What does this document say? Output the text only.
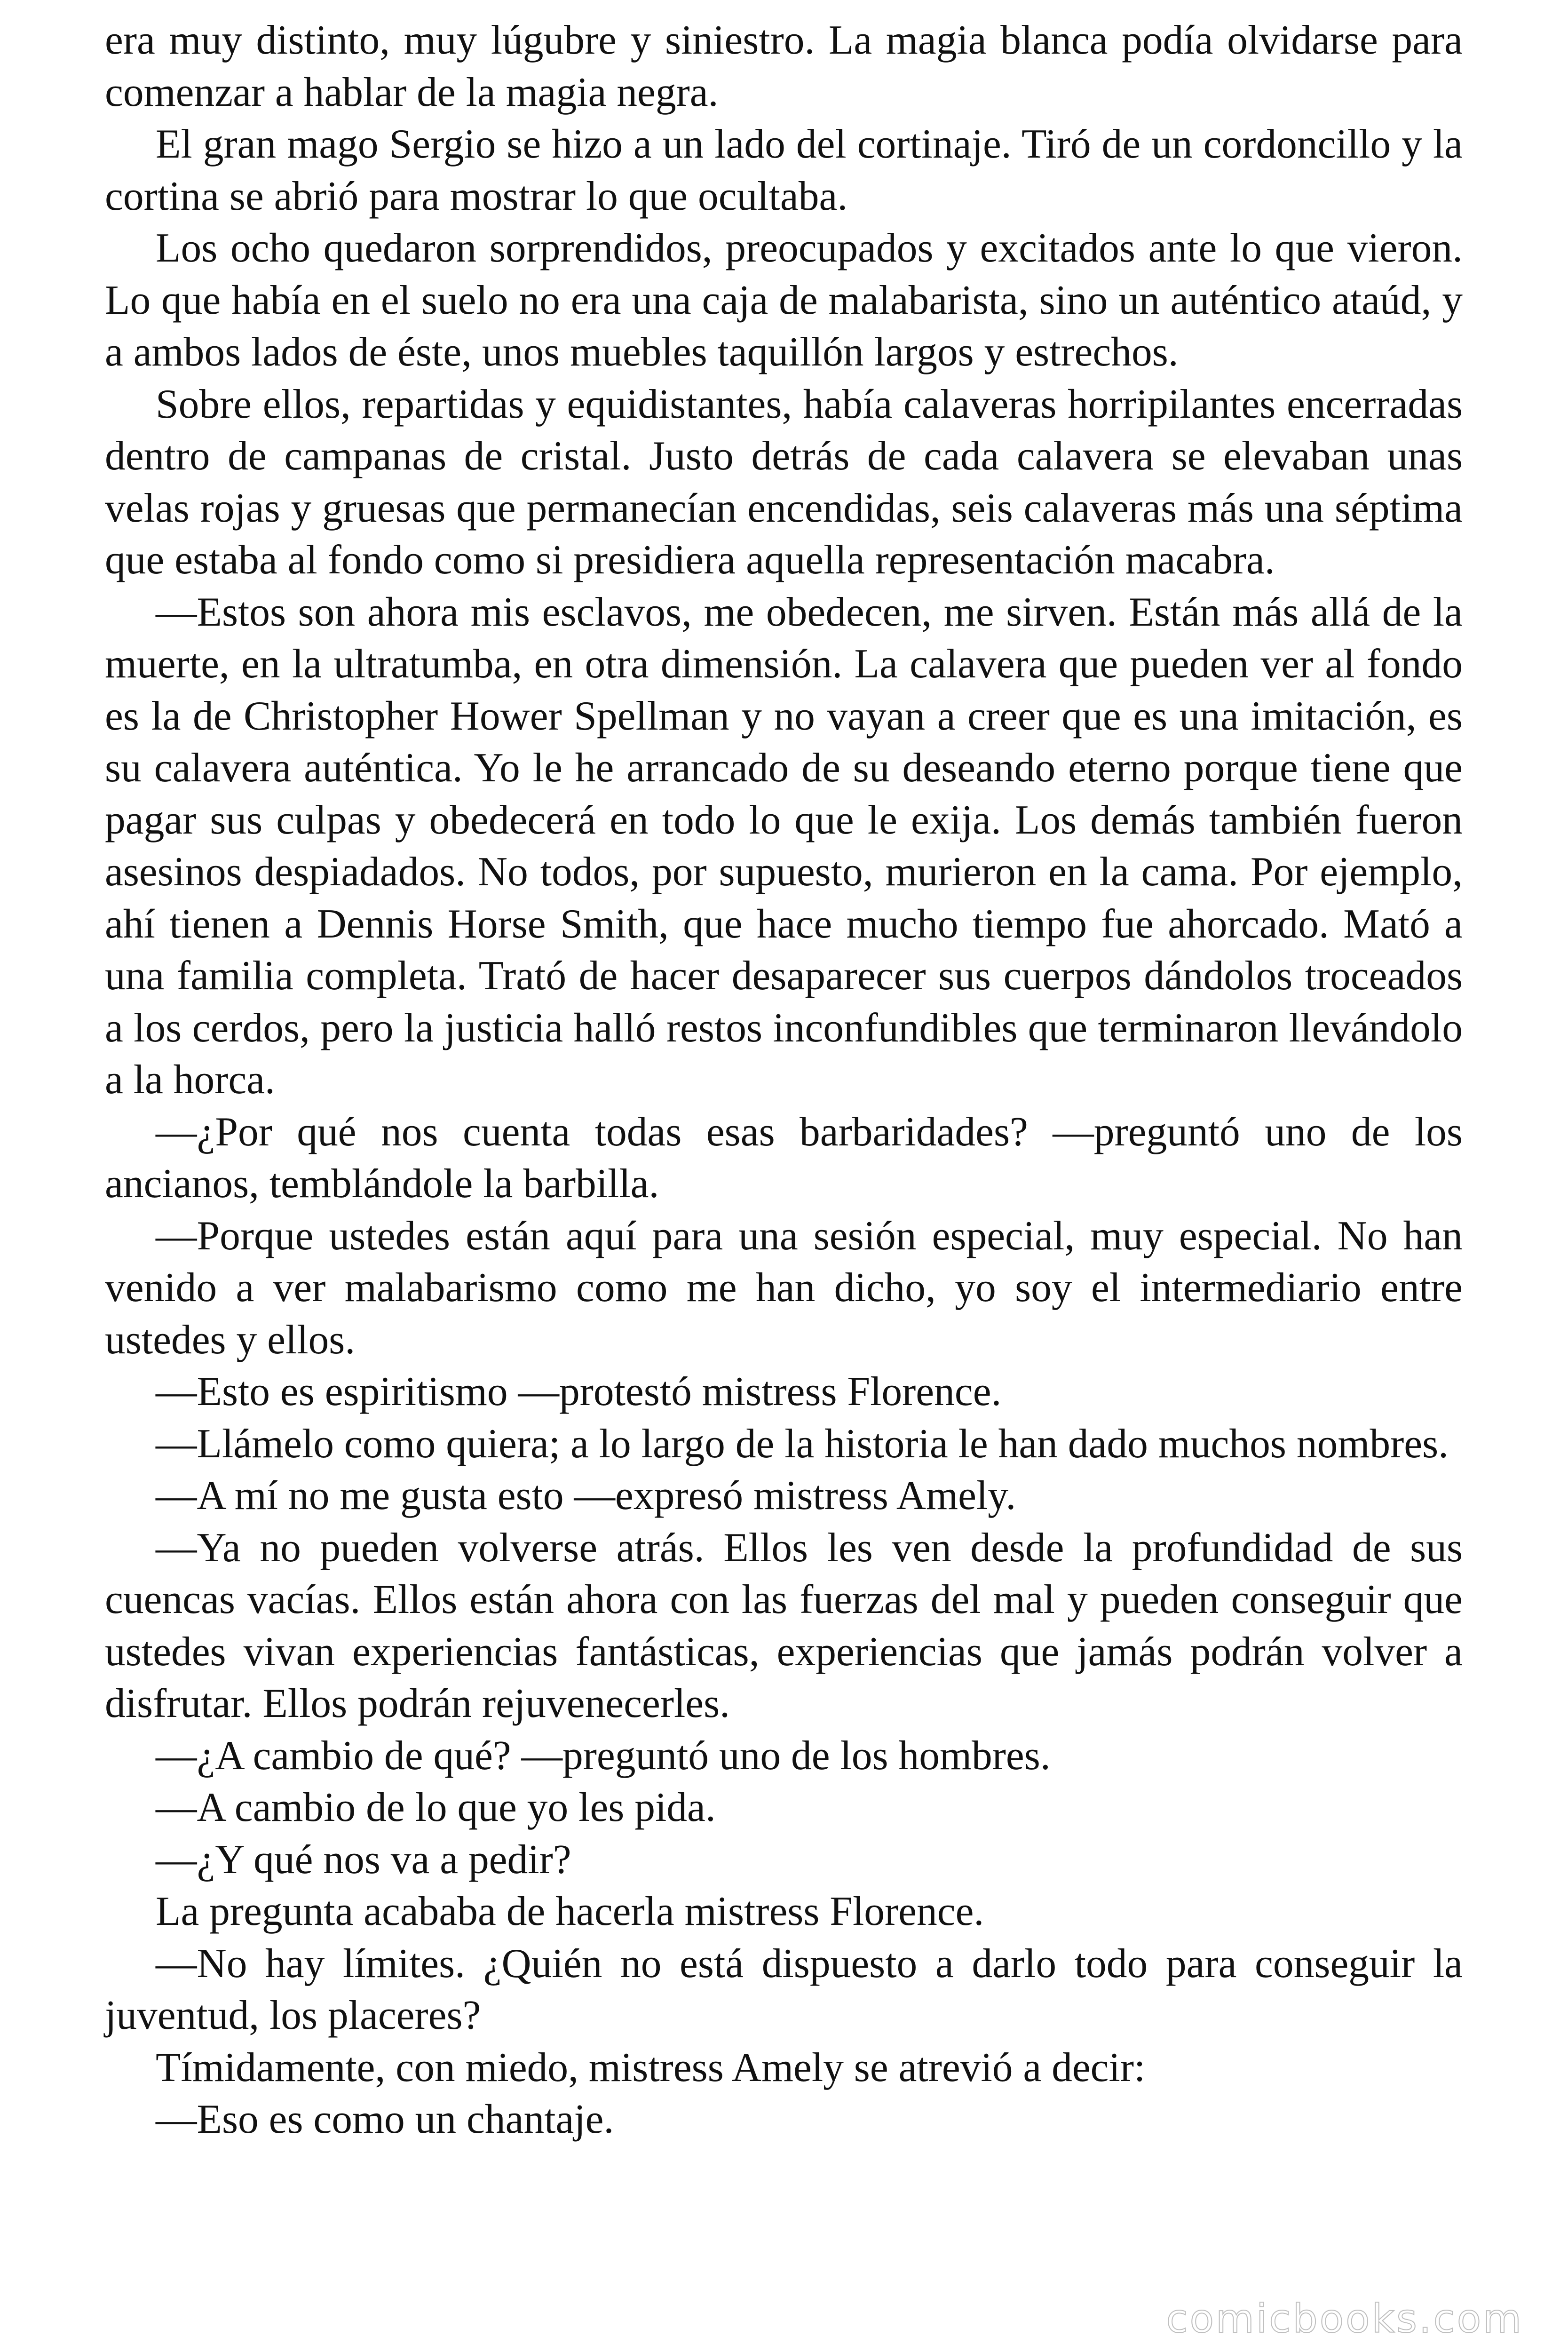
era muy distinto, muy lúgubre y siniestro. La magia blanca podía olvidarse para comenzar a hablar de la magia negra.

El gran mago Sergio se hizo a un lado del cortinaje. Tiró de un cordoncillo y la cortina se abrió para mostrar lo que ocultaba.

Los ocho quedaron sorprendidos, preocupados y excitados ante lo que vieron. Lo que había en el suelo no era una caja de malabarista, sino un auténtico ataúd, y a ambos lados de éste, unos muebles taquillón largos y estrechos.

Sobre ellos, repartidas y equidistantes, había calaveras horripilantes encerradas dentro de campanas de cristal. Justo detrás de cada calavera se elevaban unas velas rojas y gruesas que permanecían encendidas, seis calaveras más una séptima que estaba al fondo como si presidiera aquella representación macabra.

—Estos son ahora mis esclavos, me obedecen, me sirven. Están más allá de la muerte, en la ultratumba, en otra dimensión. La calavera que pueden ver al fondo es la de Christopher Hower Spellman y no vayan a creer que es una imitación, es su calavera auténtica. Yo le he arrancado de su deseando eterno porque tiene que pagar sus culpas y obedecerá en todo lo que le exija. Los demás también fueron asesinos despiadados. No todos, por supuesto, murieron en la cama. Por ejemplo, ahí tienen a Dennis Horse Smith, que hace mucho tiempo fue ahorcado. Mató a una familia completa. Trató de hacer desaparecer sus cuerpos dándolos troceados a los cerdos, pero la justicia halló restos inconfundibles que terminaron llevándolo a la horca.

—¿Por qué nos cuenta todas esas barbaridades? —preguntó uno de los ancianos, temblándole la barbilla.

—Porque ustedes están aquí para una sesión especial, muy especial. No han venido a ver malabarismo como me han dicho, yo soy el intermediario entre ustedes y ellos.

—Esto es espiritismo —protestó mistress Florence.

—Llámelo como quiera; a lo largo de la historia le han dado muchos nombres.

—A mí no me gusta esto —expresó mistress Amely.

—Ya no pueden volverse atrás. Ellos les ven desde la profundidad de sus cuencas vacías. Ellos están ahora con las fuerzas del mal y pueden conseguir que ustedes vivan experiencias fantásticas, experiencias que jamás podrán volver a disfrutar. Ellos podrán rejuvenecerles.

—¿A cambio de qué? —preguntó uno de los hombres.

—A cambio de lo que yo les pida.

—¿Y qué nos va a pedir?

La pregunta acababa de hacerla mistress Florence.

—No hay límites. ¿Quién no está dispuesto a darlo todo para conseguir la juventud, los placeres?

Tímidamente, con miedo, mistress Amely se atrevió a decir:

—Eso es como un chantaje.

comicbooks.com
